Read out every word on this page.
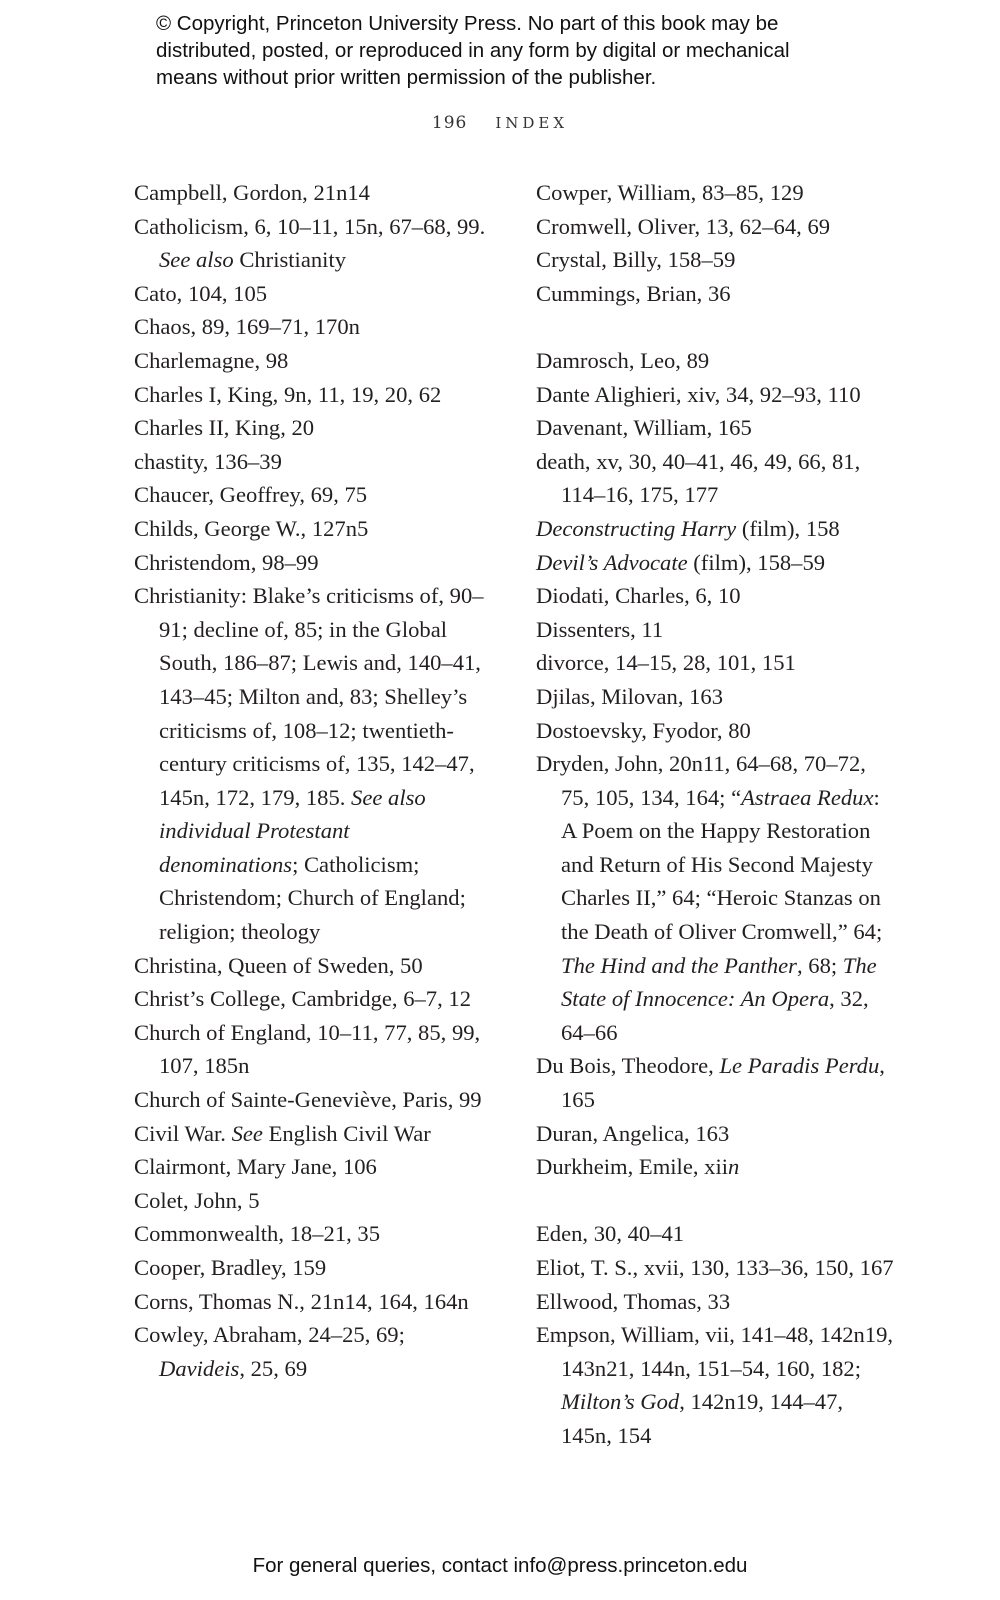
© Copyright, Princeton University Press. No part of this book may be
distributed, posted, or reproduced in any form by digital or mechanical
means without prior written permission of the publisher.
196 INDEX

Campbell, Gordon, 21n14

Catholicism, 6, 10–11, 15n, 67–68, 99. See also Christianity

Cato, 104, 105

Chaos, 89, 169–71, 170n

Charlemagne, 98

Charles I, King, 9n, 11, 19, 20, 62

Charles II, King, 20

chastity, 136–39

Chaucer, Geoffrey, 69, 75

Childs, George W., 127n5

Christendom, 98–99

Christianity: Blake’s criticisms of, 90–91; decline of, 85; in the Global South, 186–87; Lewis and, 140–41, 143–45; Milton and, 83; Shelley’s criticisms of, 108–12; twentieth-century criticisms of, 135, 142–47, 145n, 172, 179, 185. See also individual Protestant denominations; Catholicism; Christendom; Church of England; religion; theology

Christina, Queen of Sweden, 50

Christ’s College, Cambridge, 6–7, 12

Church of England, 10–11, 77, 85, 99, 107, 185n

Church of Sainte-Geneviève, Paris, 99

Civil War. See English Civil War

Clairmont, Mary Jane, 106

Colet, John, 5

Commonwealth, 18–21, 35

Cooper, Bradley, 159

Corns, Thomas N., 21n14, 164, 164n

Cowley, Abraham, 24–25, 69; Davideis, 25, 69

Cowper, William, 83–85, 129

Cromwell, Oliver, 13, 62–64, 69

Crystal, Billy, 158–59

Cummings, Brian, 36

Damrosch, Leo, 89

Dante Alighieri, xiv, 34, 92–93, 110

Davenant, William, 165

death, xv, 30, 40–41, 46, 49, 66, 81, 114–16, 175, 177

Deconstructing Harry (film), 158

Devil’s Advocate (film), 158–59

Diodati, Charles, 6, 10

Dissenters, 11

divorce, 14–15, 28, 101, 151

Djilas, Milovan, 163

Dostoevsky, Fyodor, 80

Dryden, John, 20n11, 64–68, 70–72, 75, 105, 134, 164; “Astraea Redux: A Poem on the Happy Restoration and Return of His Second Majesty Charles II,” 64; “Heroic Stanzas on the Death of Oliver Cromwell,” 64; The Hind and the Panther, 68; The State of Innocence: An Opera, 32, 64–66

Du Bois, Theodore, Le Paradis Perdu, 165

Duran, Angelica, 163

Durkheim, Emile, xiin

Eden, 30, 40–41

Eliot, T. S., xvii, 130, 133–36, 150, 167

Ellwood, Thomas, 33

Empson, William, vii, 141–48, 142n19, 143n21, 144n, 151–54, 160, 182; Milton’s God, 142n19, 144–47, 145n, 154

For general queries, contact info@press.princeton.edu
